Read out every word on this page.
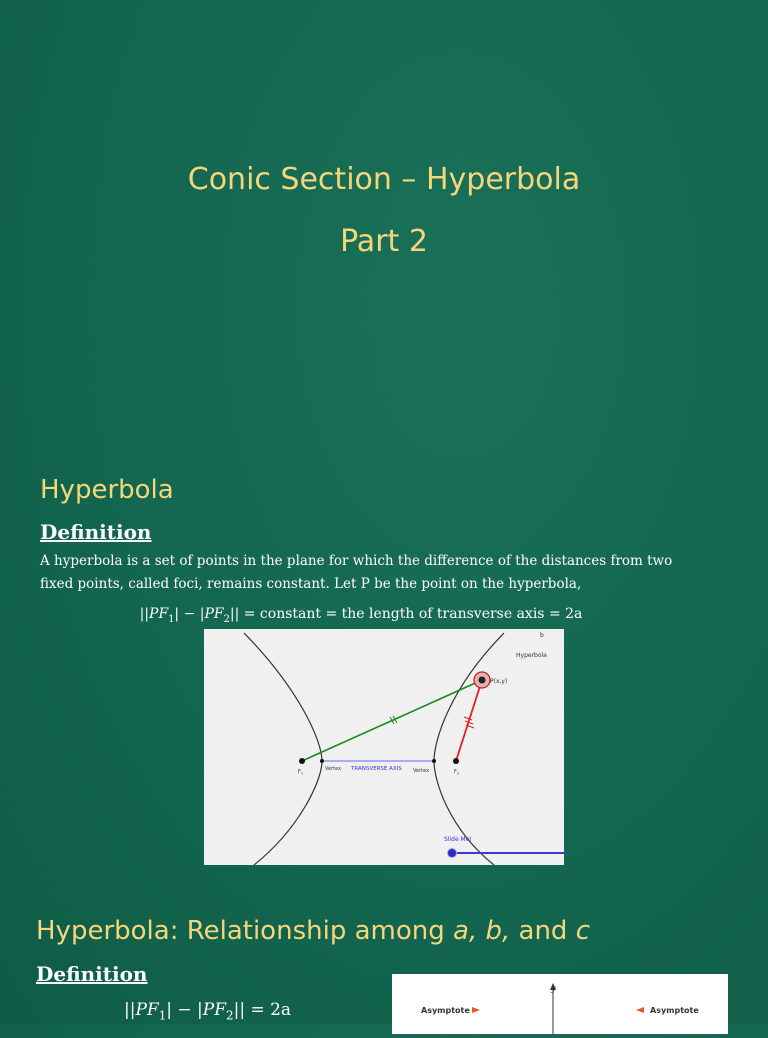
Conic Section – Hyperbola
Part 2
Hyperbola
Definition
A hyperbola is a set of points in the plane for which the difference of the distances from two fixed points, called foci, remains constant. Let P be the point on the hyperbola,
$||PF_1| - |PF_2||$ = constant = the length of transverse axis = 2a
b
Hyperbola
P(x,y)
$F_1$	$F_2$
Vertex TRANSVERSE AXIS Vertex
Slide Me!
Hyperbola: Relationship among a, b, and c
Definition
$||PF_1| - |PF_2|| = 2a$
y
Asymptote	Asymptote
